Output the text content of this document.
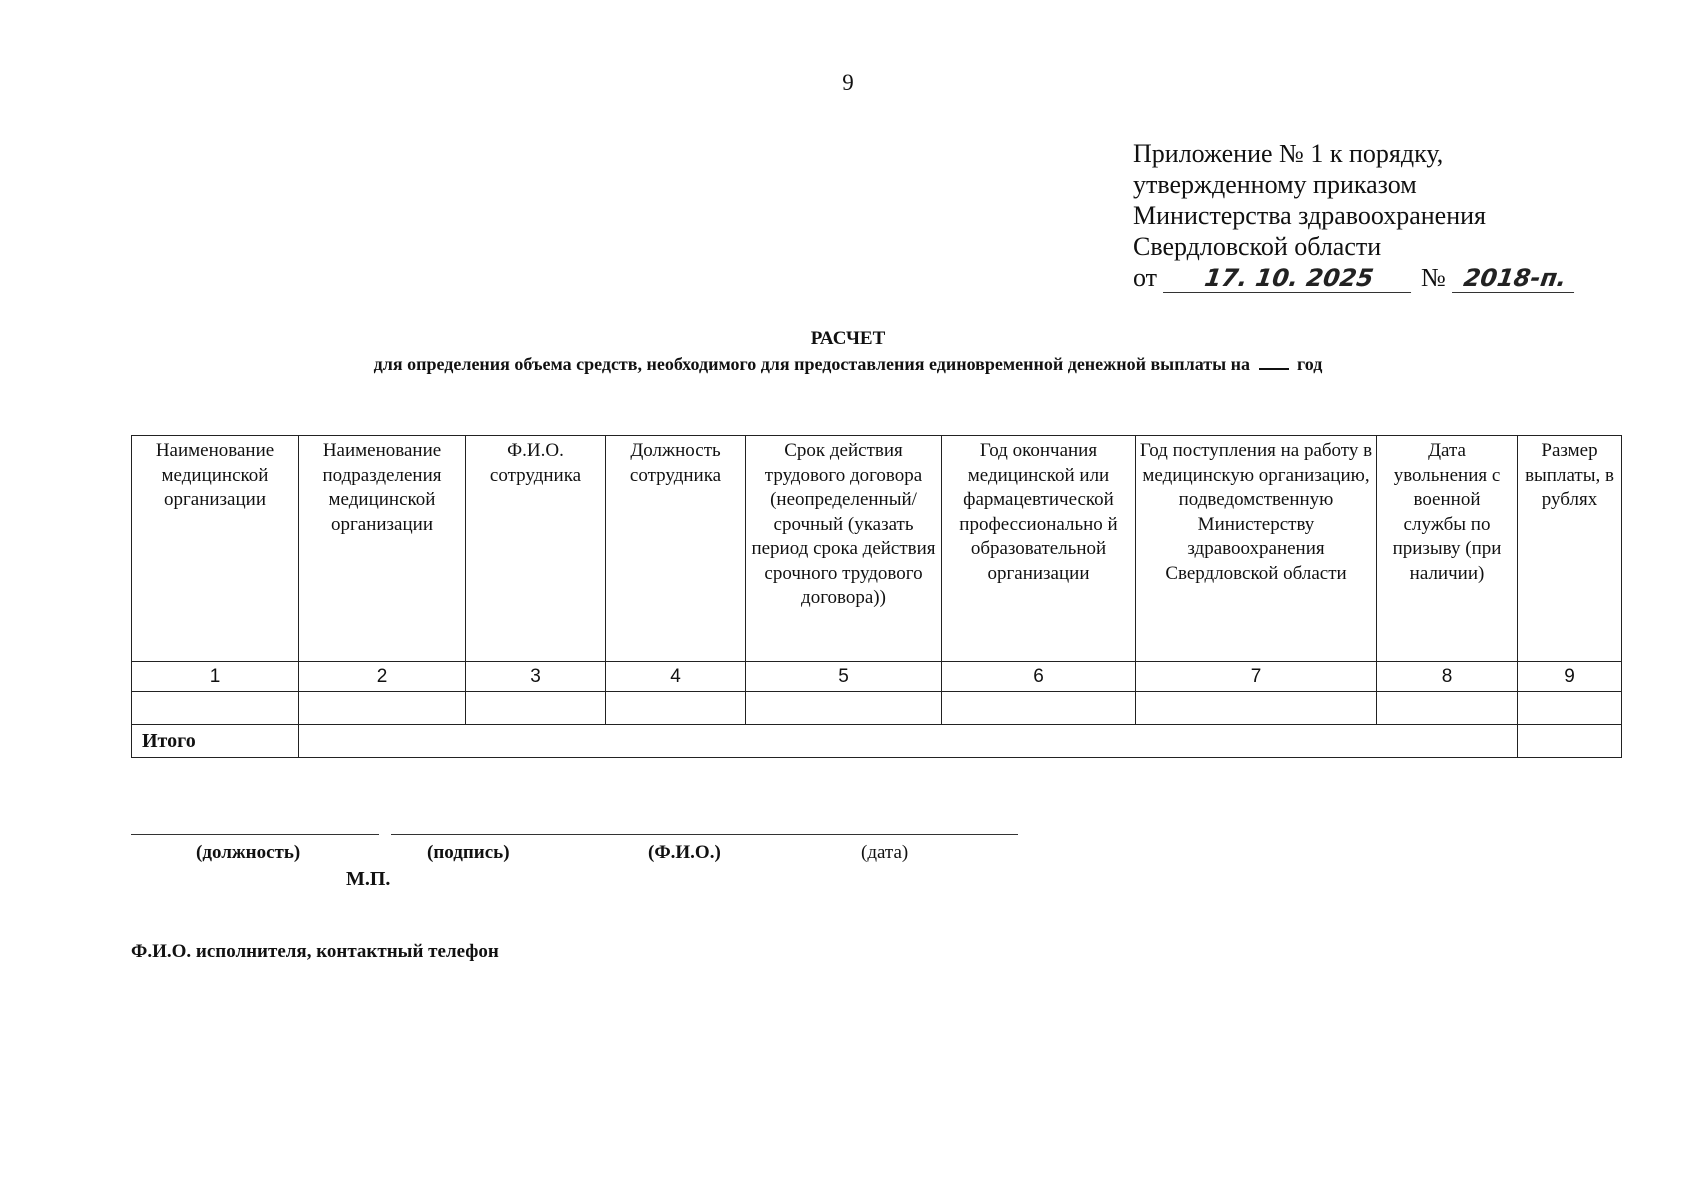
9
Приложение № 1 к порядку,
утвержденному приказом
Министерства здравоохранения
Свердловской области
от	17. 10. 2025	№ 2018-п.
РАСЧЕТ
для определения объема средств, необходимого для предоставления единовременной денежной выплаты на	год
Наименование медицинской организации	Наименование подразделения медицинской организации	Ф.И.О. сотрудника	Должность сотрудника	Срок действия трудового договора (неопределенный/ срочный (указать период срока действия срочного трудового договора))	Год окончания медицинской или фармацевтической профессионально й образовательной организации	Год поступления на работу в медицинскую организацию, подведомственную Министерству здравоохранения Свердловской области	Дата увольнения с военной службы по призыву (при наличии)	Размер выплаты, в рублях
1	2	3	4	5	6	7	8	9

Итого								
(должность)	(подпись)	(Ф.И.О.)	(дата)
М.П.
Ф.И.О. исполнителя, контактный телефон
